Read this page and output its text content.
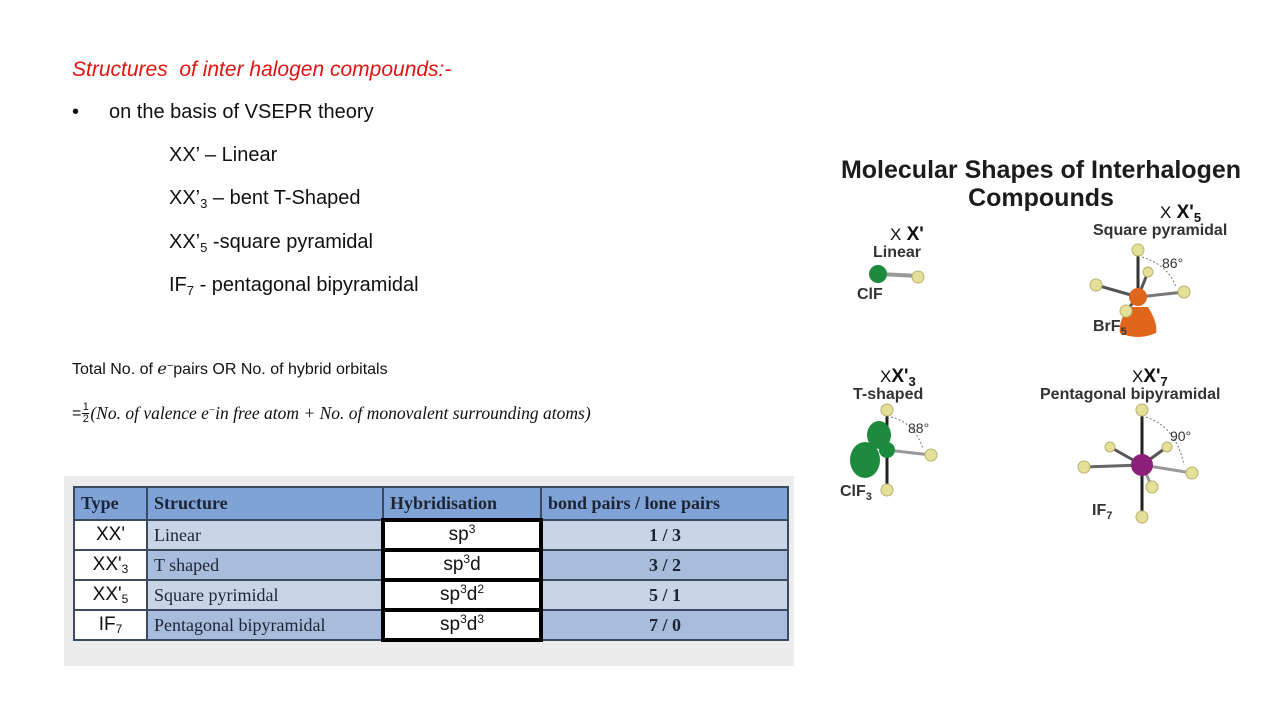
Structures  of inter halogen compounds:-
•	on the basis of VSEPR theory
XX’ – Linear
$XX’_3$ – bent T-Shaped
$XX’_5$ -square pyramidal
$IF_7$ - pentagonal bipyramidal
Total No. of e−pairs OR No. of hybrid orbitals
= $\frac{1}{2} (No$. of valence e−in free atom + No. of monovalent surrounding atoms)
Type	Structure	Hybridisation	bond pairs / lone pairs
XX'	Linear	$sp^3$	1 / 3
$XX'_3$	T shaped	$sp^3d$	3 / 2
$XX'_5$	Square pyrimidal	$sp^3d^2$	5 / 1
$IF_7$	Pentagonal bipyramidal	$sp^3d^3$	7 / 0
Molecular Shapes of Interhalogen
Compounds
X X'
Linear
ClF
X $X'_5$
Square pyramidal
86°
BrF$_5$
$XX'_3$
T-shaped
88°
ClF$_3$
$XX'_7$
Pentagonal bipyramidal
90°
$IF_7$
